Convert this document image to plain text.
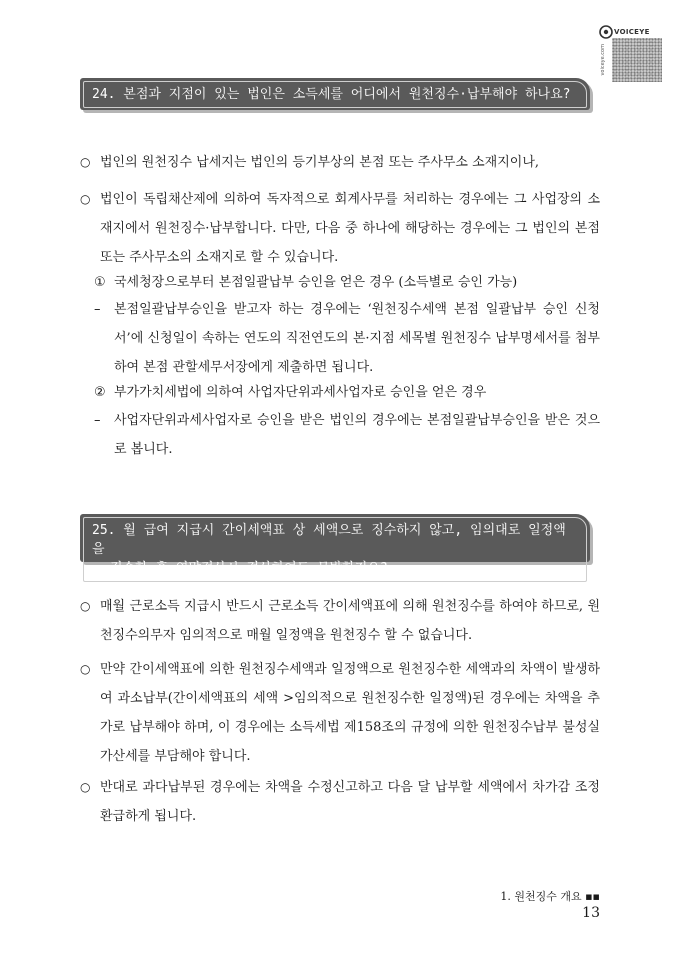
VOICEYE
voiceye.com
24. 본점과 지점이 있는 법인은 소득세를 어디에서 원천징수·납부해야 하나요?
○ 법인의 원천징수 납세지는 법인의 등기부상의 본점 또는 주사무소 소재지이나,
○ 법인이 독립채산제에 의하여 독자적으로 회계사무를 처리하는 경우에는 그 사업장의 소재지에서 원천징수·납부합니다. 다만, 다음 중 하나에 해당하는 경우에는 그 법인의 본점 또는 주사무소의 소재지로 할 수 있습니다.
① 국세청장으로부터 본점일괄납부 승인을 얻은 경우 (소득별로 승인 가능)
–	본점일괄납부승인을 받고자 하는 경우에는 ‘원천징수세액 본점 일괄납부 승인 신청서’에 신청일이 속하는 연도의 직전연도의 본·지점 세목별 원천징수 납부명세서를 첨부하여 본점 관할세무서장에게 제출하면 됩니다.
② 부가가치세법에 의하여 사업자단위과세사업자로 승인을 얻은 경우
–	사업자단위과세사업자로 승인을 받은 법인의 경우에는 본점일괄납부승인을 받은 것으로 봅니다.
25. 월 급여 지급시 간이세액표 상 세액으로 징수하지 않고, 임의대로 일정액을
징수한 후 연말정산시 정산하여도 무방한지요?
○ 매월 근로소득 지급시 반드시 근로소득 간이세액표에 의해 원천징수를 하여야 하므로, 원천징수의무자 임의적으로 매월 일정액을 원천징수 할 수 없습니다.
○ 만약 간이세액표에 의한 원천징수세액과 일정액으로 원천징수한 세액과의 차액이 발생하여 과소납부(간이세액표의 세액 >임의적으로 원천징수한 일정액)된 경우에는 차액을 추가로 납부해야 하며, 이 경우에는 소득세법 제158조의 규정에 의한 원천징수납부 불성실가산세를 부담해야 합니다.
○ 반대로 과다납부된 경우에는 차액을 수정신고하고 다음 달 납부할 세액에서 차가감 조정환급하게 됩니다.
1. 원천징수 개요 ▪▪ 13
